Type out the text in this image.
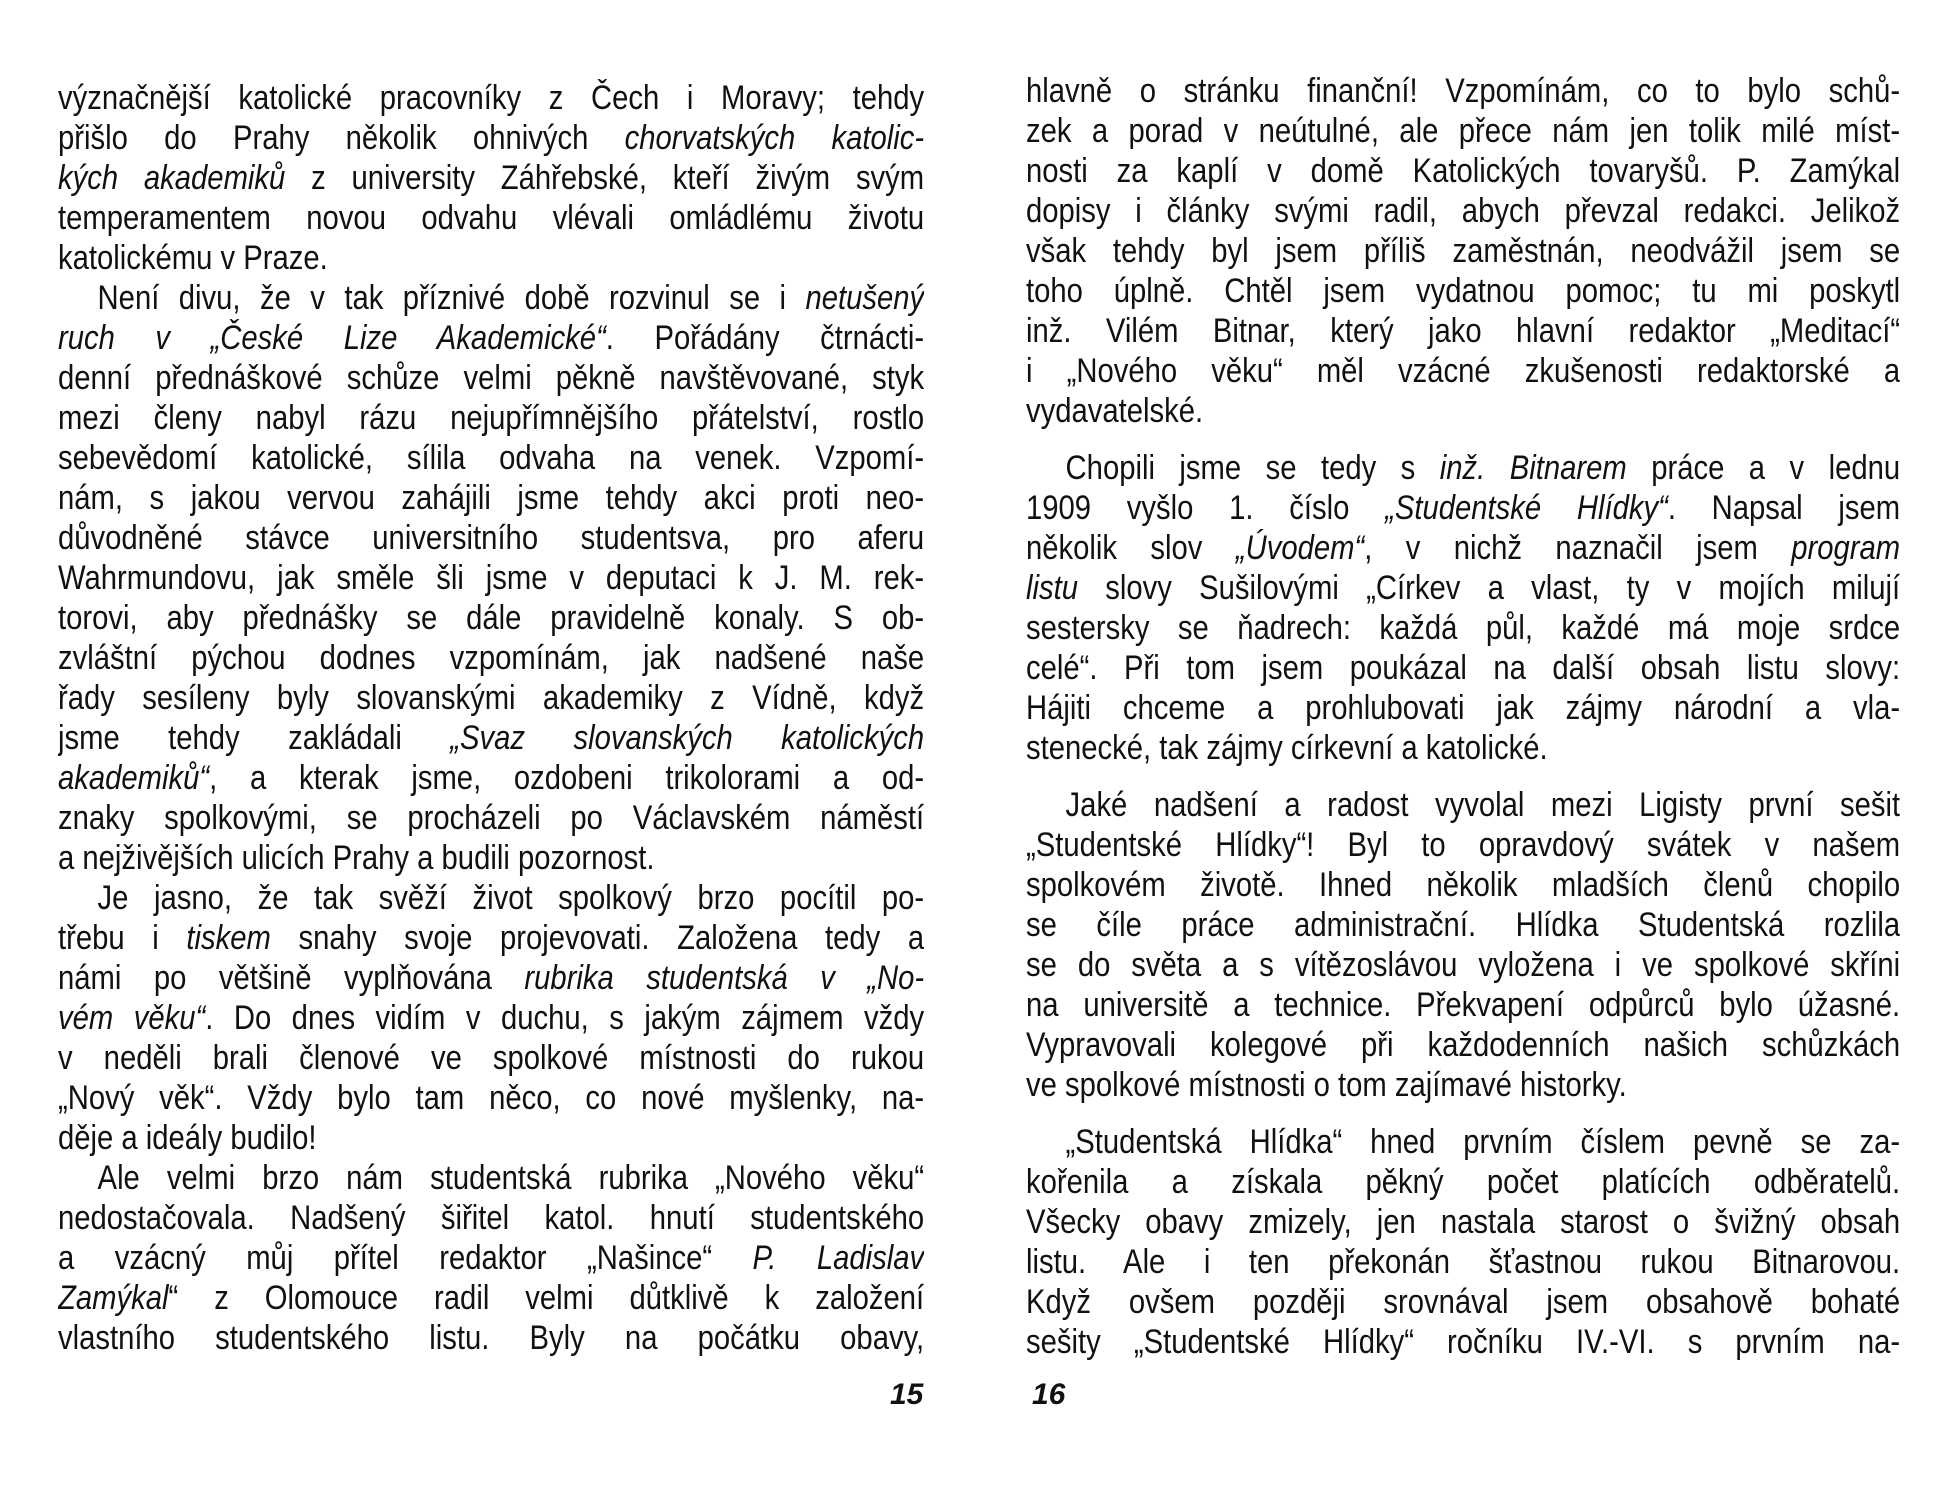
význačnější katolické pracovníky z Čech i Moravy; tehdy
přišlo do Prahy několik ohnivých chorvatských katolic-
kých akademiků z university Záhřebské, kteří živým svým
temperamentem novou odvahu vlévali omládlému životu
katolickému v Praze.
Není divu, že v tak příznivé době rozvinul se i netušený
ruch v „České Lize Akademické“. Pořádány čtrnácti-
denní přednáškové schůze velmi pěkně navštěvované, styk
mezi členy nabyl rázu nejupřímnějšího přátelství, rostlo
sebevědomí katolické, sílila odvaha na venek. Vzpomí-
nám, s jakou vervou zahájili jsme tehdy akci proti neo-
důvodněné stávce universitního studentsva, pro aferu
Wahrmundovu, jak směle šli jsme v deputaci k J. M. rek-
torovi, aby přednášky se dále pravidelně konaly. S ob-
zvláštní pýchou dodnes vzpomínám, jak nadšené naše
řady sesíleny byly slovanskými akademiky z Vídně, když
jsme tehdy zakládali „Svaz slovanských katolických
akademiků“, a kterak jsme, ozdobeni trikolorami a od-
znaky spolkovými, se procházeli po Václavském náměstí
a nejživějších ulicích Prahy a budili pozornost.
Je jasno, že tak svěží život spolkový brzo pocítil po-
třebu i tiskem snahy svoje projevovati. Založena tedy a
námi po většině vyplňována rubrika studentská v „No-
vém věku“. Do dnes vidím v duchu, s jakým zájmem vždy
v neděli brali členové ve spolkové místnosti do rukou
„Nový věk“. Vždy bylo tam něco, co nové myšlenky, na-
děje a ideály budilo!
Ale velmi brzo nám studentská rubrika „Nového věku“
nedostačovala. Nadšený šiřitel katol. hnutí studentského
a vzácný můj přítel redaktor „Našince“ P. Ladislav
Zamýkal“ z Olomouce radil velmi důtklivě k založení
vlastního studentského listu. Byly na počátku obavy,
hlavně o stránku finanční! Vzpomínám, co to bylo schů-
zek a porad v neútulné, ale přece nám jen tolik milé míst-
nosti za kaplí v domě Katolických tovaryšů. P. Zamýkal
dopisy i články svými radil, abych převzal redakci. Jelikož
však tehdy byl jsem příliš zaměstnán, neodvážil jsem se
toho úplně. Chtěl jsem vydatnou pomoc; tu mi poskytl
inž. Vilém Bitnar, který jako hlavní redaktor „Meditací“
i „Nového věku“ měl vzácné zkušenosti redaktorské a
vydavatelské.
Chopili jsme se tedy s inž. Bitnarem práce a v lednu
1909 vyšlo 1. číslo „Studentské Hlídky“. Napsal jsem
několik slov „Úvodem“, v nichž naznačil jsem program
listu slovy Sušilovými „Církev a vlast, ty v mojích milují
sestersky se ňadrech: každá půl, každé má moje srdce
celé“. Při tom jsem poukázal na další obsah listu slovy:
Hájiti chceme a prohlubovati jak zájmy národní a vla-
stenecké, tak zájmy církevní a katolické.
Jaké nadšení a radost vyvolal mezi Ligisty první sešit
„Studentské Hlídky“! Byl to opravdový svátek v našem
spolkovém životě. Ihned několik mladších členů chopilo
se číle práce administrační. Hlídka Studentská rozlila
se do světa a s vítězoslávou vyložena i ve spolkové skříni
na universitě a technice. Překvapení odpůrců bylo úžasné.
Vypravovali kolegové při každodenních našich schůzkách
ve spolkové místnosti o tom zajímavé historky.
„Studentská Hlídka“ hned prvním číslem pevně se za-
kořenila a získala pěkný počet platících odběratelů.
Všecky obavy zmizely, jen nastala starost o švižný obsah
listu. Ale i ten překonán šťastnou rukou Bitnarovou.
Když ovšem později srovnával jsem obsahově bohaté
sešity „Studentské Hlídky“ ročníku IV.-VI. s prvním na-
15	16
